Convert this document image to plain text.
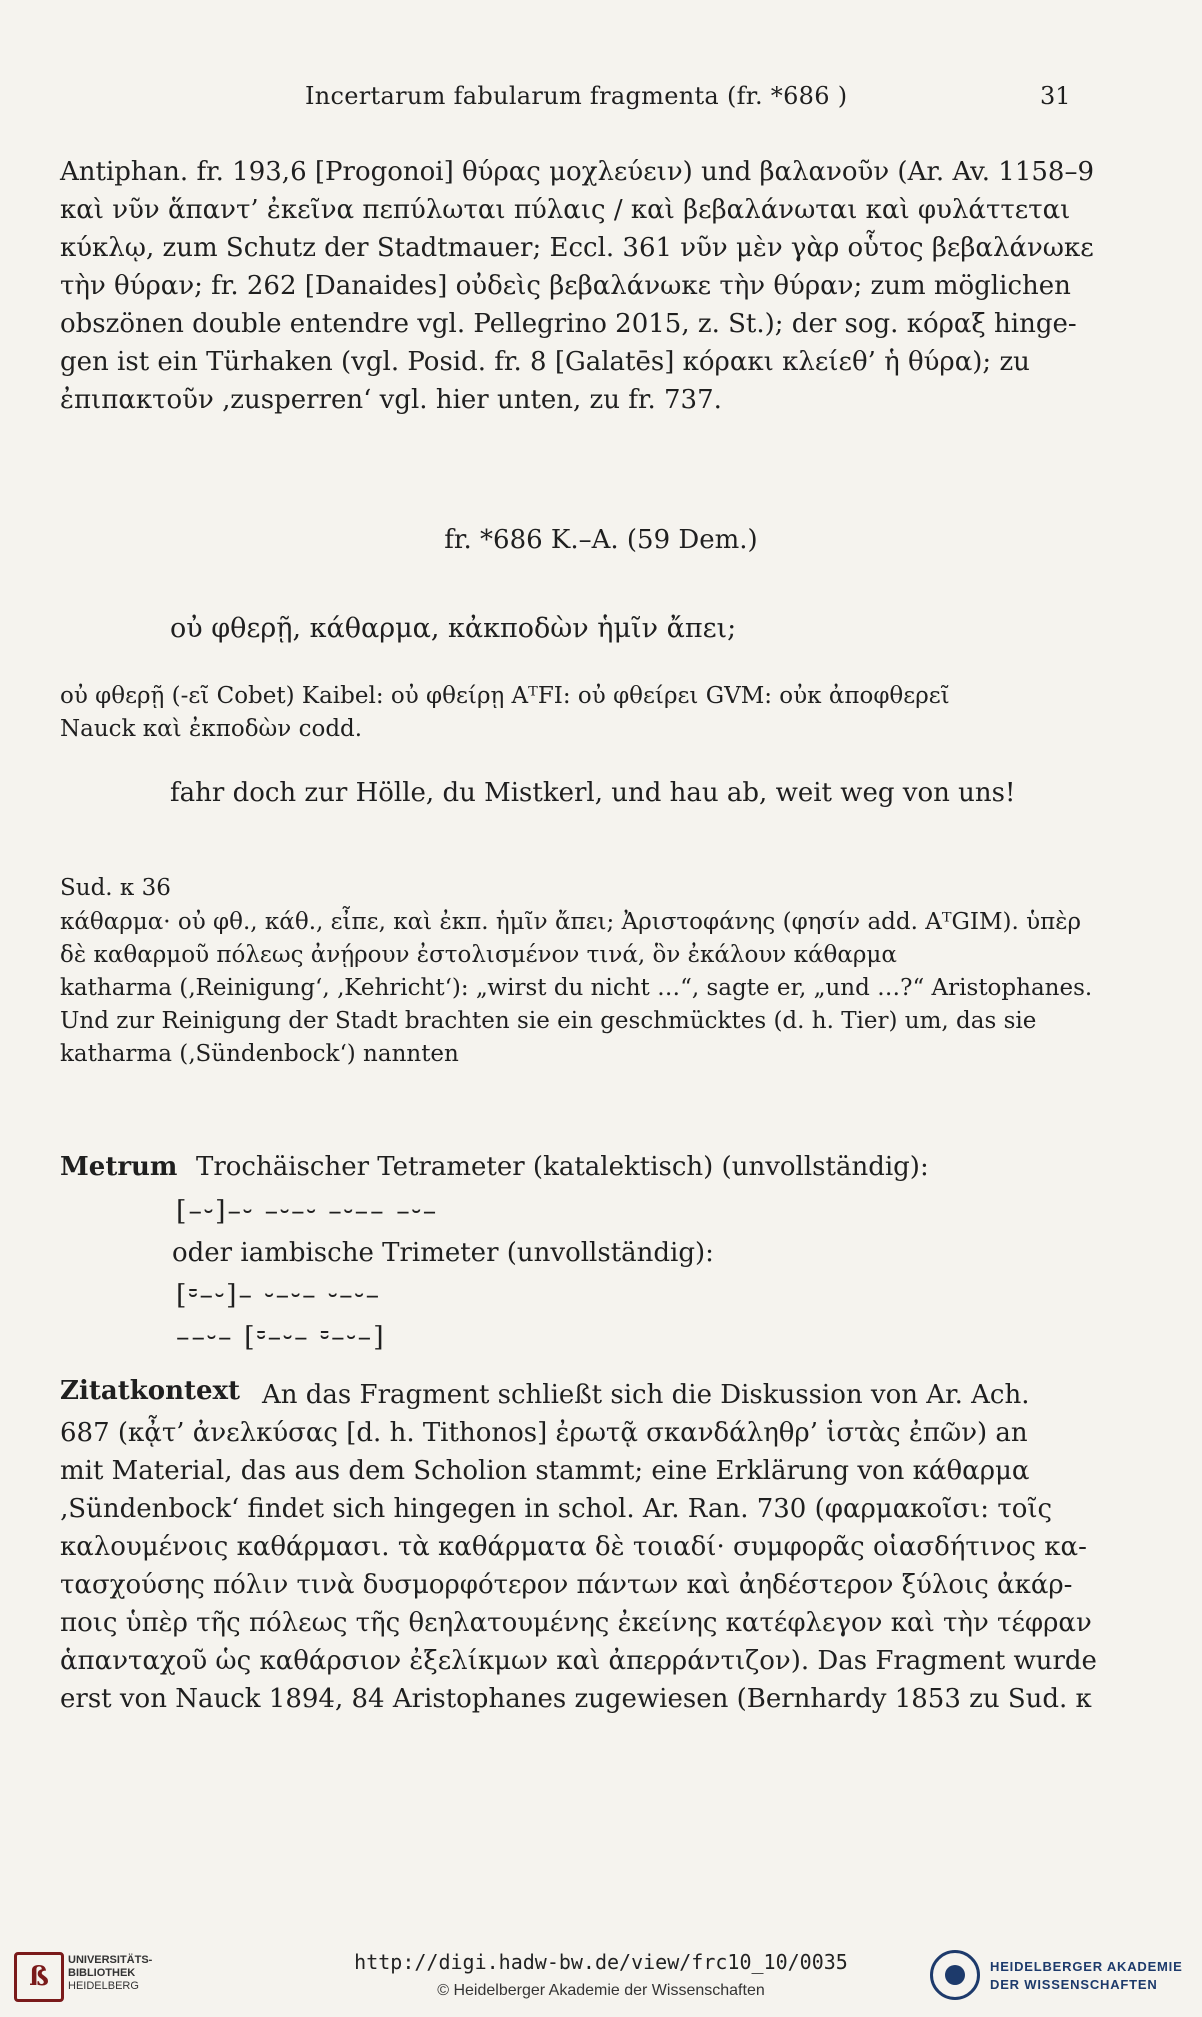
Incertarum fabularum fragmenta (fr. *686 )	31
Antiphan. fr. 193,6 [Progonoi] θύρας μοχλεύειν) und βαλανοῦν (Ar. Av. 1158–9
καὶ νῦν ἅπαντ’ ἐκεῖνα πεπύλωται πύλαις / καὶ βεβαλάνωται καὶ φυλάττεται
κύκλῳ, zum Schutz der Stadtmauer; Eccl. 361 νῦν μὲν γὰρ οὗτος βεβαλάνωκε
τὴν θύραν; fr. 262 [Danaides] οὐδεὶς βεβαλάνωκε τὴν θύραν; zum möglichen
obszönen double entendre vgl. Pellegrino 2015, z. St.); der sog. κόραξ hinge-
gen ist ein Türhaken (vgl. Posid. fr. 8 [Galatēs] κόρακι κλείεθ’ ἡ θύρα); zu
ἐπιπακτοῦν ‚zusperren‘ vgl. hier unten, zu fr. 737.
fr. *686 K.–A. (59 Dem.)
οὐ φθερῇ, κάθαρμα, κἀκποδὼν ἡμῖν ἄπει;
οὐ φθερῇ (-εῖ Cobet) Kaibel: οὐ φθείρῃ AᵀFI: οὐ φθείρει GVM: οὐκ ἀποφθερεῖ
Nauck καὶ ἐκποδὼν codd.
fahr doch zur Hölle, du Mistkerl, und hau ab, weit weg von uns!
Sud. κ 36
κάθαρμα· οὐ φθ., κάθ., εἶπε, καὶ ἐκπ. ἡμῖν ἄπει; Ἀριστοφάνης (φησίν add. AᵀGIM). ὑπὲρ
δὲ καθαρμοῦ πόλεως ἀνῄρουν ἐστολισμένον τινά, ὃν ἐκάλουν κάθαρμα
katharma (‚Reinigung‘, ‚Kehricht‘): „wirst du nicht …“, sagte er, „und …?“ Aristophanes.
Und zur Reinigung der Stadt brachten sie ein geschmücktes (d. h. Tier) um, das sie
katharma (‚Sündenbock‘) nannten
Metrum Trochäischer Tetrameter (katalektisch) (unvollständig):
[–⏑]–⏑ –⏑–⏑ –⏑–– –⏑–
oder iambische Trimeter (unvollständig):
[⏒–⏑]– ⏑–⏑– ⏑–⏑–
––⏑– [⏒–⏑– ⏒–⏑–]
Zitatkontext An das Fragment schließt sich die Diskussion von Ar. Ach.
687 (κᾆτ’ ἀνελκύσας [d. h. Tithonos] ἐρωτᾷ σκανδάληθρ’ ἱστὰς ἐπῶν) an
mit Material, das aus dem Scholion stammt; eine Erklärung von κάθαρμα
‚Sündenbock‘ findet sich hingegen in schol. Ar. Ran. 730 (φαρμακοῖσι: τοῖς
καλουμένοις καθάρμασι. τὰ καθάρματα δὲ τοιαδί· συμφορᾶς οἱασδήτινος κα-
τασχούσης πόλιν τινὰ δυσμορφότερον πάντων καὶ ἀηδέστερον ξύλοις ἀκάρ-
ποις ὑπὲρ τῆς πόλεως τῆς θεηλατουμένης ἐκείνης κατέφλεγον καὶ τὴν τέφραν
ἁπανταχοῦ ὡς καθάρσιον ἐξελίκμων καὶ ἀπερράντιζον). Das Fragment wurde
erst von Nauck 1894, 84 Aristophanes zugewiesen (Bernhardy 1853 zu Sud. κ
ß
UNIVERSITÄTS-
BIBLIOTHEK
HEIDELBERG
http://digi.hadw-bw.de/view/frc10_10/0035
© Heidelberger Akademie der Wissenschaften
HEIDELBERGER AKADEMIE
DER WISSENSCHAFTEN
